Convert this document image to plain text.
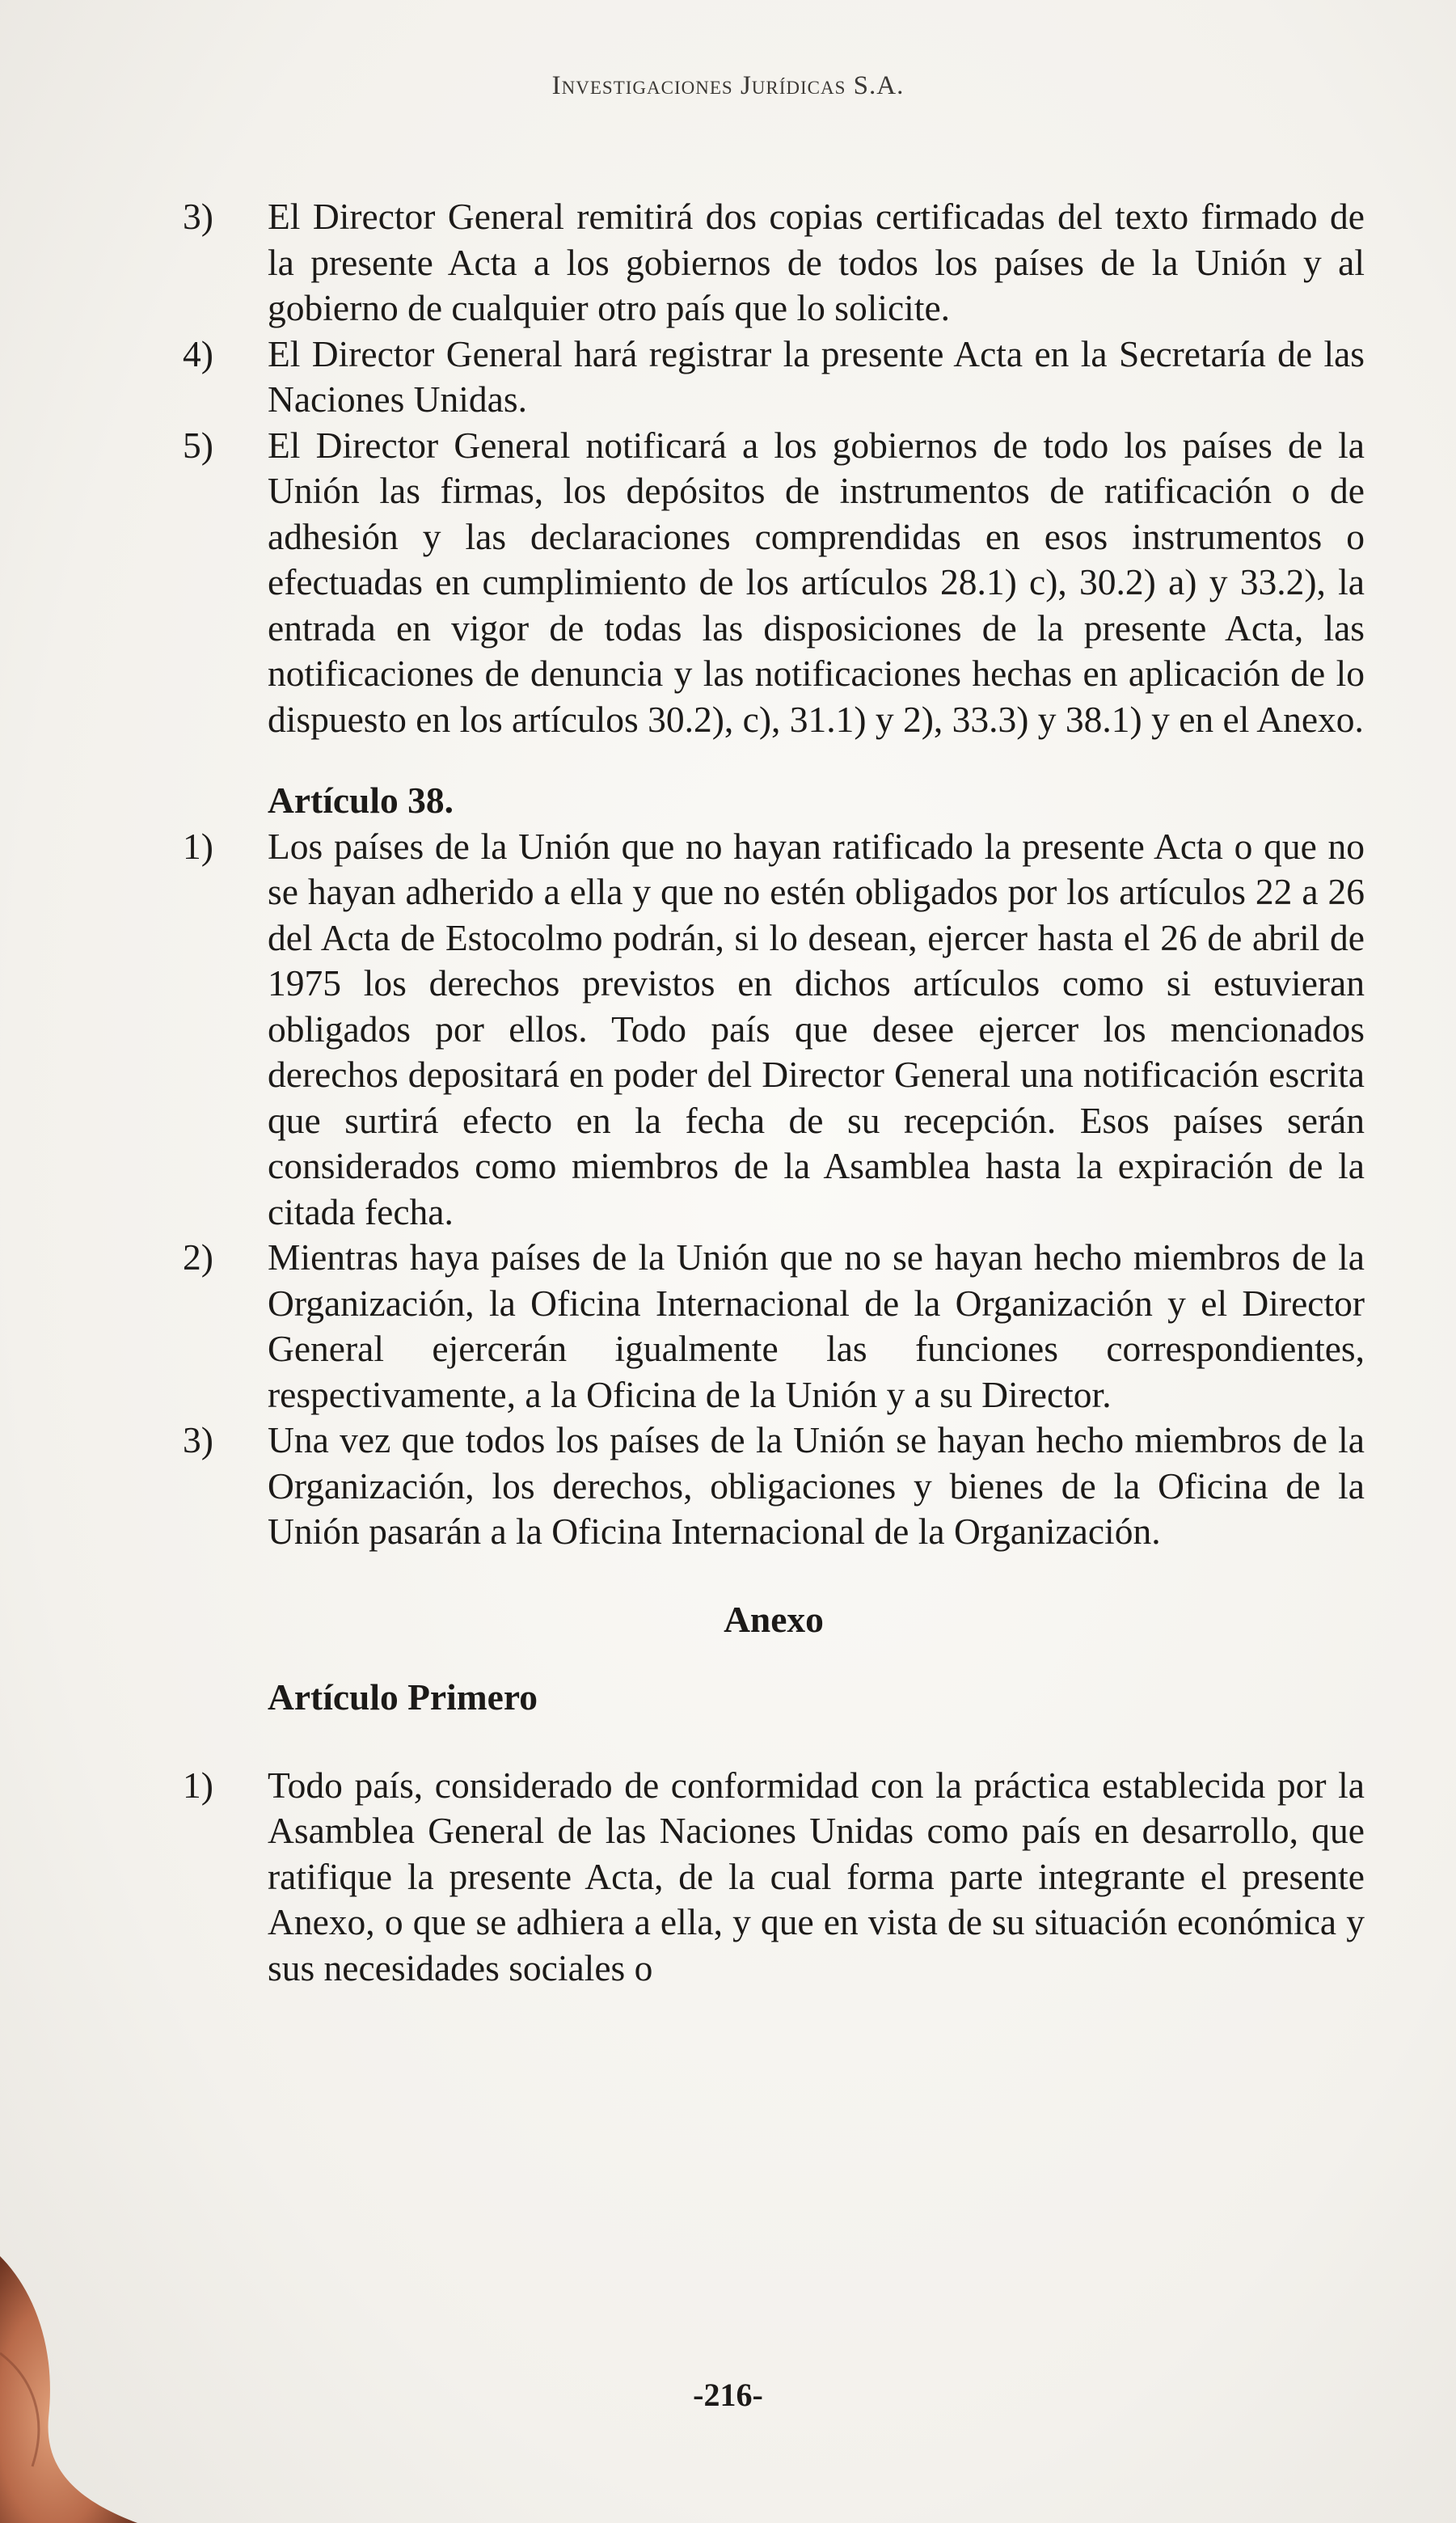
Investigaciones Jurídicas S.A.
3) El Director General remitirá dos copias certificadas del texto firmado de la presente Acta a los gobiernos de todos los países de la Unión y al gobierno de cualquier otro país que lo solicite.
4) El Director General hará registrar la presente Acta en la Secretaría de las Naciones Unidas.
5) El Director General notificará a los gobiernos de todo los países de la Unión las firmas, los depósitos de instrumentos de ratificación o de adhesión y las declaraciones comprendidas en esos instrumentos o efectuadas en cumplimiento de los artículos 28.1) c), 30.2) a) y 33.2), la entrada en vigor de todas las disposiciones de la presente Acta, las notificaciones de denuncia y las notificaciones hechas en aplicación de lo dispuesto en los artículos 30.2), c), 31.1) y 2), 33.3) y 38.1) y en el Anexo.
Artículo 38.
1) Los países de la Unión que no hayan ratificado la presente Acta o que no se hayan adherido a ella y que no estén obligados por los artículos 22 a 26 del Acta de Estocolmo podrán, si lo desean, ejercer hasta el 26 de abril de 1975 los derechos previstos en dichos artículos como si estuvieran obligados por ellos. Todo país que desee ejercer los mencionados derechos depositará en poder del Director General una notificación escrita que surtirá efecto en la fecha de su recepción. Esos países serán considerados como miembros de la Asamblea hasta la expiración de la citada fecha.
2) Mientras haya países de la Unión que no se hayan hecho miembros de la Organización, la Oficina Internacional de la Organización y el Director General ejercerán igualmente las funciones correspondientes, respectivamente, a la Oficina de la Unión y a su Director.
3) Una vez que todos los países de la Unión se hayan hecho miembros de la Organización, los derechos, obligaciones y bienes de la Oficina de la Unión pasarán a la Oficina Internacional de la Organización.
Anexo
Artículo Primero
1) Todo país, considerado de conformidad con la práctica establecida por la Asamblea General de las Naciones Unidas como país en desarrollo, que ratifique la presente Acta, de la cual forma parte integrante el presente Anexo, o que se adhiera a ella, y que en vista de su situación económica y sus necesidades sociales o
-216-
